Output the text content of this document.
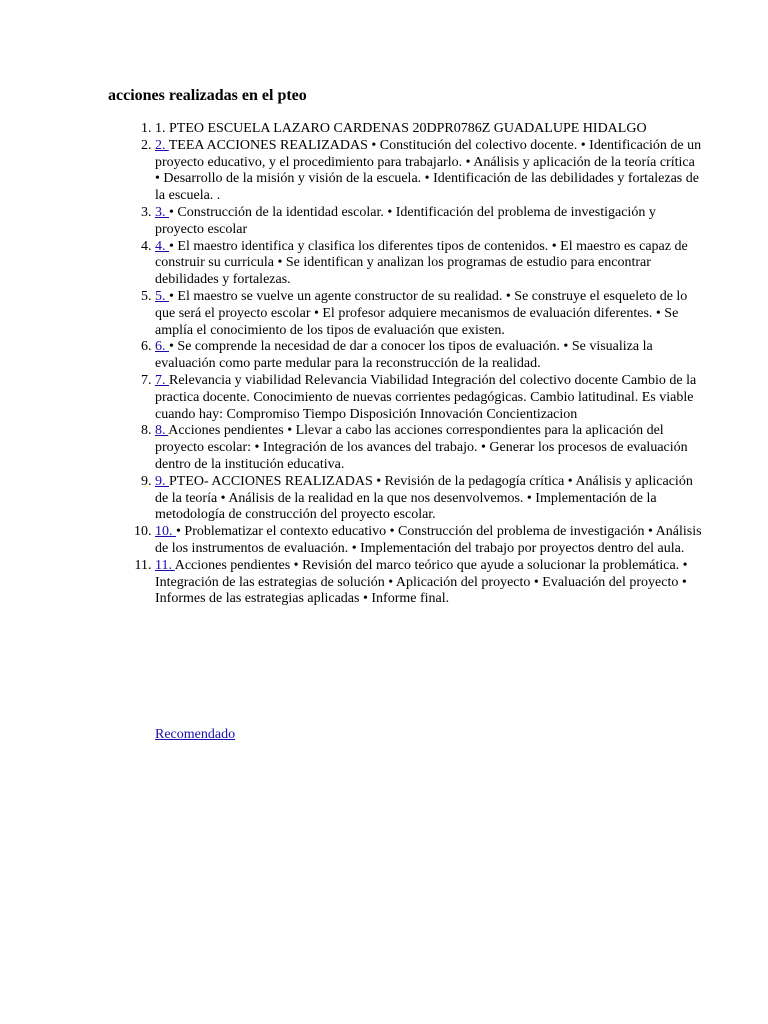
acciones realizadas en el pteo
1. 1. PTEO ESCUELA LAZARO CARDENAS 20DPR0786Z GUADALUPE HIDALGO
2. 2. TEEA ACCIONES REALIZADAS • Constitución del colectivo docente. • Identificación de un proyecto educativo, y el procedimiento para trabajarlo. • Análisis y aplicación de la teoría crítica • Desarrollo de la misión y visión de la escuela. • Identificación de las debilidades y fortalezas de la escuela. .
3. 3. • Construcción de la identidad escolar. • Identificación del problema de investigación y proyecto escolar
4. 4. • El maestro identifica y clasifica los diferentes tipos de contenidos. • El maestro es capaz de construir su curricula • Se identifican y analizan los programas de estudio para encontrar debilidades y fortalezas.
5. 5. • El maestro se vuelve un agente constructor de su realidad. • Se construye el esqueleto de lo que será el proyecto escolar • El profesor adquiere mecanismos de evaluación diferentes. • Se amplía el conocimiento de los tipos de evaluación que existen.
6. 6. • Se comprende la necesidad de dar a conocer los tipos de evaluación. • Se visualiza la evaluación como parte medular para la reconstrucción de la realidad.
7. 7. Relevancia y viabilidad Relevancia Viabilidad Integración del colectivo docente Cambio de la practica docente. Conocimiento de nuevas corrientes pedagógicas. Cambio latitudinal. Es viable cuando hay: Compromiso Tiempo Disposición Innovación Concientizacion
8. 8. Acciones pendientes • Llevar a cabo las acciones correspondientes para la aplicación del proyecto escolar: • Integración de los avances del trabajo. • Generar los procesos de evaluación dentro de la institución educativa.
9. 9. PTEO- ACCIONES REALIZADAS • Revisión de la pedagogía crítica • Análisis y aplicación de la teoría • Análisis de la realidad en la que nos desenvolvemos. • Implementación de la metodología de construcción del proyecto escolar.
10. 10. • Problematizar el contexto educativo • Construcción del problema de investigación • Análisis de los instrumentos de evaluación. • Implementación del trabajo por proyectos dentro del aula.
11. 11. Acciones pendientes • Revisión del marco teórico que ayude a solucionar la problemática. • Integración de las estrategias de solución • Aplicación del proyecto • Evaluación del proyecto • Informes de las estrategias aplicadas • Informe final.
Recomendado
